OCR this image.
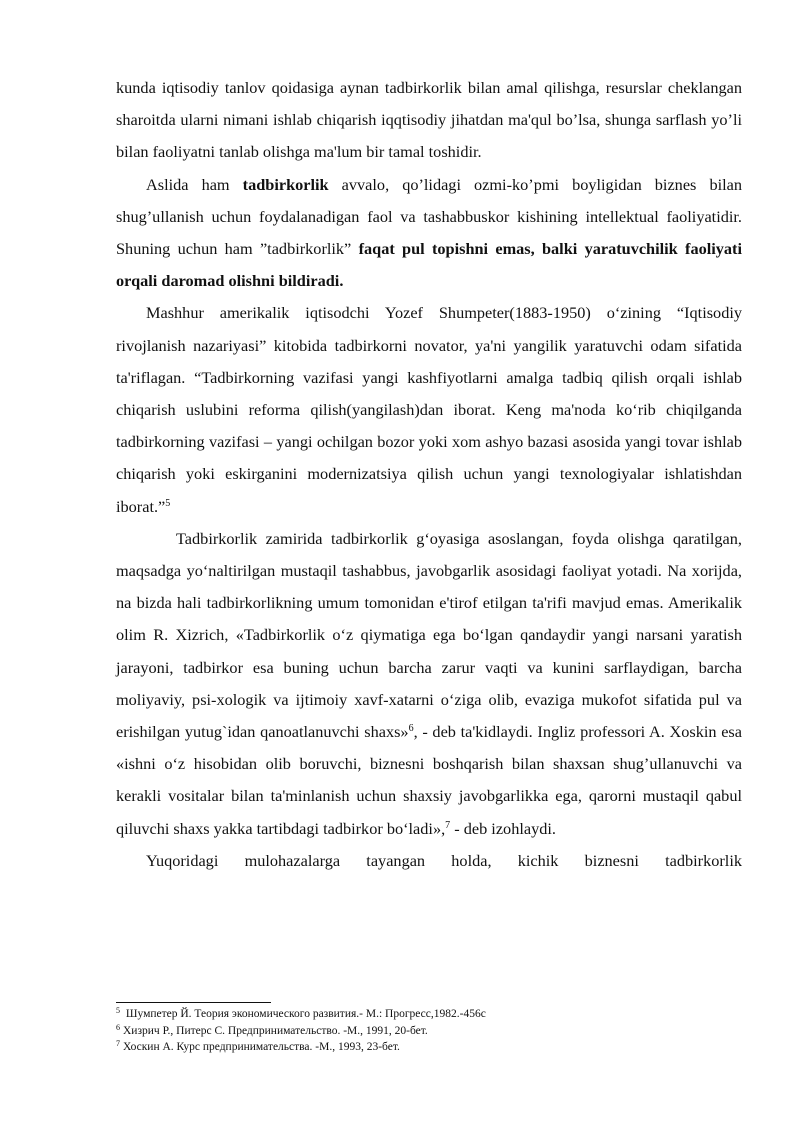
kunda iqtisodiy tanlov qoidasiga aynan tadbirkorlik bilan amal qilishga, resurslar cheklangan sharoitda ularni nimani ishlab chiqarish iqqtisodiy jihatdan ma'qul bo’lsa, shunga sarflash yo’li bilan faoliyatni tanlab olishga ma'lum bir tamal toshidir.

Aslida ham tadbirkorlik avvalo, qo’lidagi ozmi-ko’pmi boyligidan biznes bilan shug’ullanish uchun foydalanadigan faol va tashabbuskor kishining intellektual faoliyatidir. Shuning uchun ham ”tadbirkorlik” faqat pul topishni emas, balki yaratuvchilik faoliyati orqali daromad olishni bildiradi.

Mashhur amerikalik iqtisodchi Yozef Shumpeter(1883-1950) o‘zining “Iqtisodiy rivojlanish nazariyasi” kitobida tadbirkorni novator, ya'ni yangilik yaratuvchi odam sifatida ta'riflagan. “Tadbirkorning vazifasi yangi kashfiyotlarni amalga tadbiq qilish orqali ishlab chiqarish uslubini reforma qilish(yangilash)dan iborat. Keng ma'noda ko‘rib chiqilganda tadbirkorning vazifasi – yangi ochilgan bozor yoki xom ashyo bazasi asosida yangi tovar ishlab chiqarish yoki eskirganini modernizatsiya qilish uchun yangi texnologiyalar ishlatishdan iborat.”$^5$

Tadbirkorlik zamirida tadbirkorlik g‘oyasiga asoslangan, foyda olishga qaratilgan, maqsadga yo‘naltirilgan mustaqil tashabbus, javobgarlik asosidagi faoliyat yotadi. Na xorijda, na bizda hali tadbirkorlikning umum tomonidan e'tirof etilgan ta'rifi mavjud emas. Amerikalik olim R. Xizrich, «Tadbirkorlik o‘z qiymatiga ega bo‘lgan qandaydir yangi narsani yaratish jarayoni, tadbirkor esa buning uchun barcha zarur vaqti va kunini sarflaydigan, barcha moliyaviy, psi-xologik va ijtimoiy xavf-xatarni o‘ziga olib, evaziga mukofot sifatida pul va erishilgan yutug`idan qanoatlanuvchi shaxs»$^6$, - deb ta'kidlaydi. Ingliz professori A. Xoskin esa «ishni o‘z hisobidan olib boruvchi, biznesni boshqarish bilan shaxsan shug’ullanuvchi va kerakli vositalar bilan ta'minlanish uchun shaxsiy javobgarlikka ega, qarorni mustaqil qabul qiluvchi shaxs yakka tartibdagi tadbirkor bo‘ladi»,$^7$ - deb izohlaydi.

Yuqoridagi mulohazalarga tayangan holda, kichik biznesni tadbirkorlik

$^5$ Шумпетер Й. Теория экономического развития.- М.: Прогресс,1982.-456с

$^6$ Хизрич Р., Питерс С. Предпринимательство. -М., 1991, 20-бет.

$^7$ Хоскин А. Курс предпринимательства. -М., 1993, 23-бет.
